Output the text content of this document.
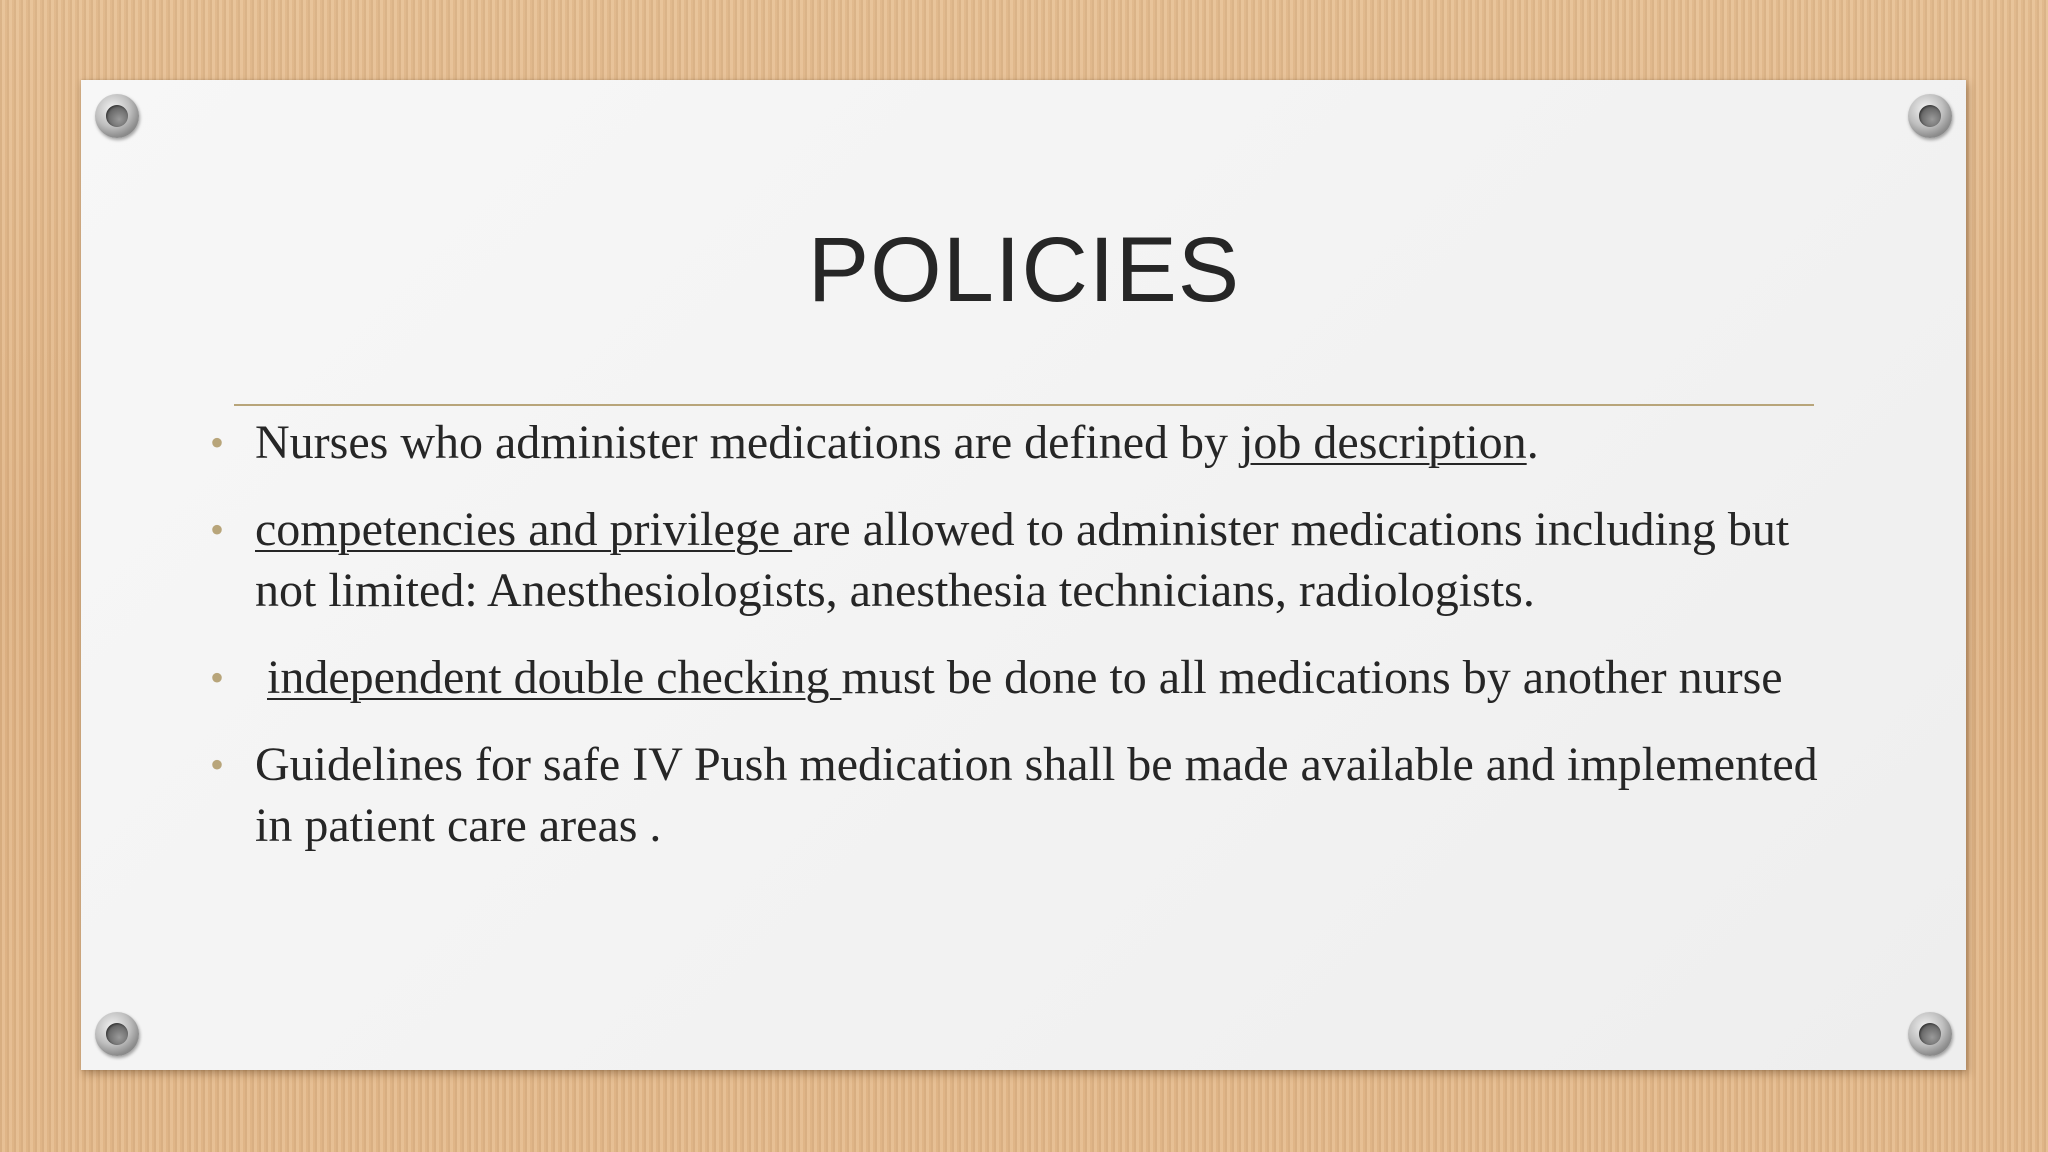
POLICIES
• Nurses who administer medications are defined by job description.
• competencies and privilege are allowed to administer medications including but not limited: Anesthesiologists, anesthesia technicians, radiologists.
• independent double checking must be done to all medications by another nurse
• Guidelines for safe IV Push medication shall be made available and implemented in patient care areas .
